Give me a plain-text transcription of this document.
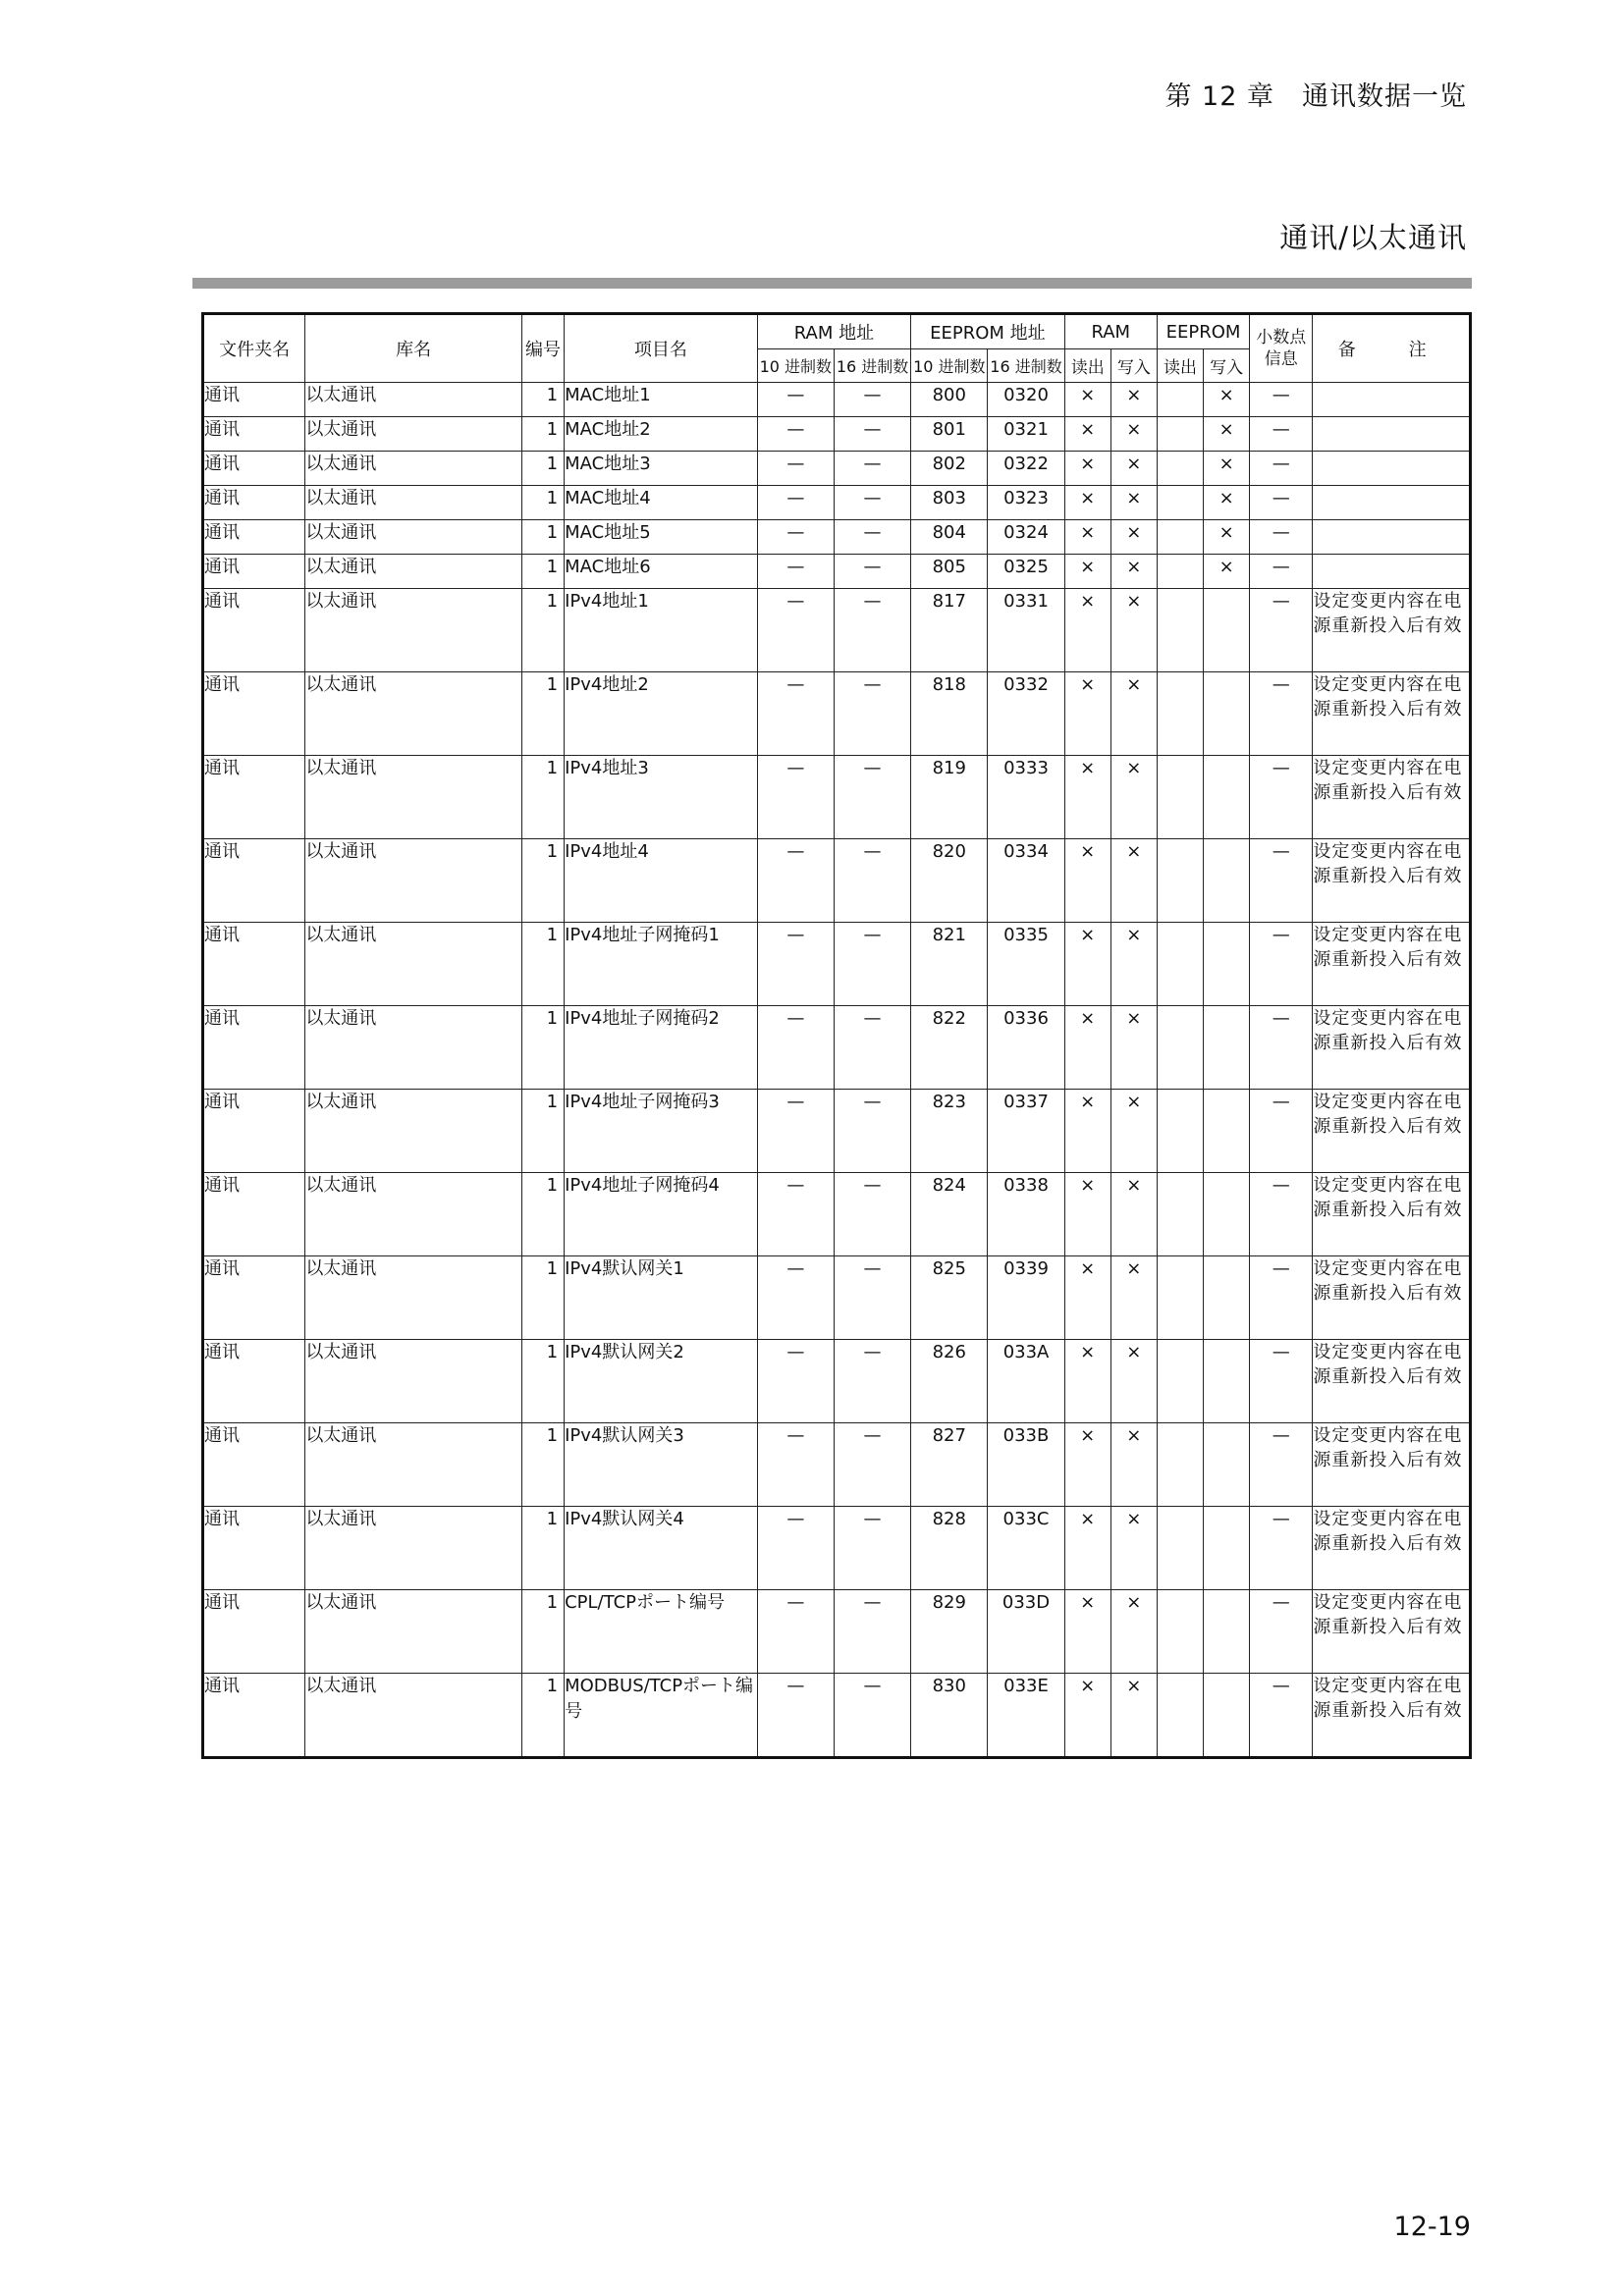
第 12 章　通讯数据一览
通讯/以太通讯
文件夹名	库名	编号	项目名	RAM 地址		EEPROM 地址		RAM		EEPROM		小数点信息	备　注
				10 进制数	16 进制数	10 进制数	16 进制数	读出	写入	读出	写入		
通讯	以太通讯	1	MAC地址1	—	—	800	0320	×	×		×	—	
通讯	以太通讯	1	MAC地址2	—	—	801	0321	×	×		×	—	
通讯	以太通讯	1	MAC地址3	—	—	802	0322	×	×		×	—	
通讯	以太通讯	1	MAC地址4	—	—	803	0323	×	×		×	—	
通讯	以太通讯	1	MAC地址5	—	—	804	0324	×	×		×	—	
通讯	以太通讯	1	MAC地址6	—	—	805	0325	×	×		×	—	
通讯	以太通讯	1	IPv4地址1	—	—	817	0331	×	×			—	设定变更内容在电源重新投入后有效
通讯	以太通讯	1	IPv4地址2	—	—	818	0332	×	×			—	设定变更内容在电源重新投入后有效
通讯	以太通讯	1	IPv4地址3	—	—	819	0333	×	×			—	设定变更内容在电源重新投入后有效
通讯	以太通讯	1	IPv4地址4	—	—	820	0334	×	×			—	设定变更内容在电源重新投入后有效
通讯	以太通讯	1	IPv4地址子网掩码1	—	—	821	0335	×	×			—	设定变更内容在电源重新投入后有效
通讯	以太通讯	1	IPv4地址子网掩码2	—	—	822	0336	×	×			—	设定变更内容在电源重新投入后有效
通讯	以太通讯	1	IPv4地址子网掩码3	—	—	823	0337	×	×			—	设定变更内容在电源重新投入后有效
通讯	以太通讯	1	IPv4地址子网掩码4	—	—	824	0338	×	×			—	设定变更内容在电源重新投入后有效
通讯	以太通讯	1	IPv4默认网关1	—	—	825	0339	×	×			—	设定变更内容在电源重新投入后有效
通讯	以太通讯	1	IPv4默认网关2	—	—	826	033A	×	×			—	设定变更内容在电源重新投入后有效
通讯	以太通讯	1	IPv4默认网关3	—	—	827	033B	×	×			—	设定变更内容在电源重新投入后有效
通讯	以太通讯	1	IPv4默认网关4	—	—	828	033C	×	×			—	设定变更内容在电源重新投入后有效
通讯	以太通讯	1	CPL/TCPポート编号	—	—	829	033D	×	×			—	设定变更内容在电源重新投入后有效
通讯	以太通讯	1	MODBUS/TCPポート编号	—	—	830	033E	×	×			—	设定变更内容在电源重新投入后有效
12-19
